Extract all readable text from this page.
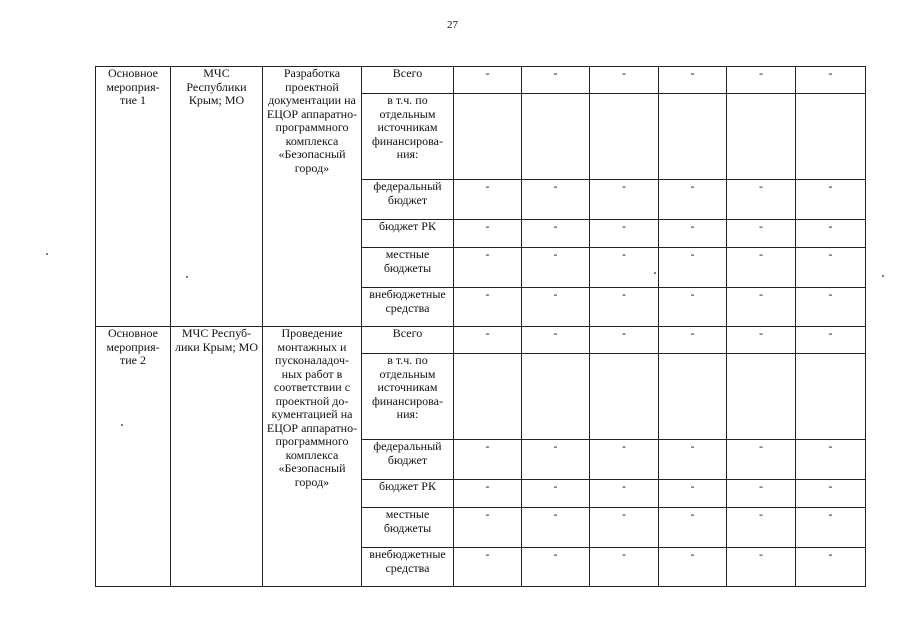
27
Основное мероприя-тие 1	МЧС Республики Крым; МО	Разработка проектной документации на ЕЦОР аппаратно-программного комплекса «Безопасный город»	Всего	-	-	-	-	-	-
			в т.ч. по отдельным источникам финансирова-ния:						
			федеральный бюджет	-	-	-	-	-	-
			бюджет РК	-	-	-	-	-	-
			местные бюджеты	-	-	-	-	-	-
			внебюджетные средства	-	-	-	-	-	-
Основное мероприя-тие 2	МЧС Респуб-лики Крым; МО	Проведение монтажных и пусконаладоч-ных работ в соответствии с проектной до-кументацией на ЕЦОР аппаратно-программного комплекса «Безопасный город»	Всего	-	-	-	-	-	-
			в т.ч. по отдельным источникам финансирова-ния:						
			федеральный бюджет	-	-	-	-	-	-
			бюджет РК	-	-	-	-	-	-
			местные бюджеты	-	-	-	-	-	-
			внебюджетные средства	-	-	-	-	-	-
